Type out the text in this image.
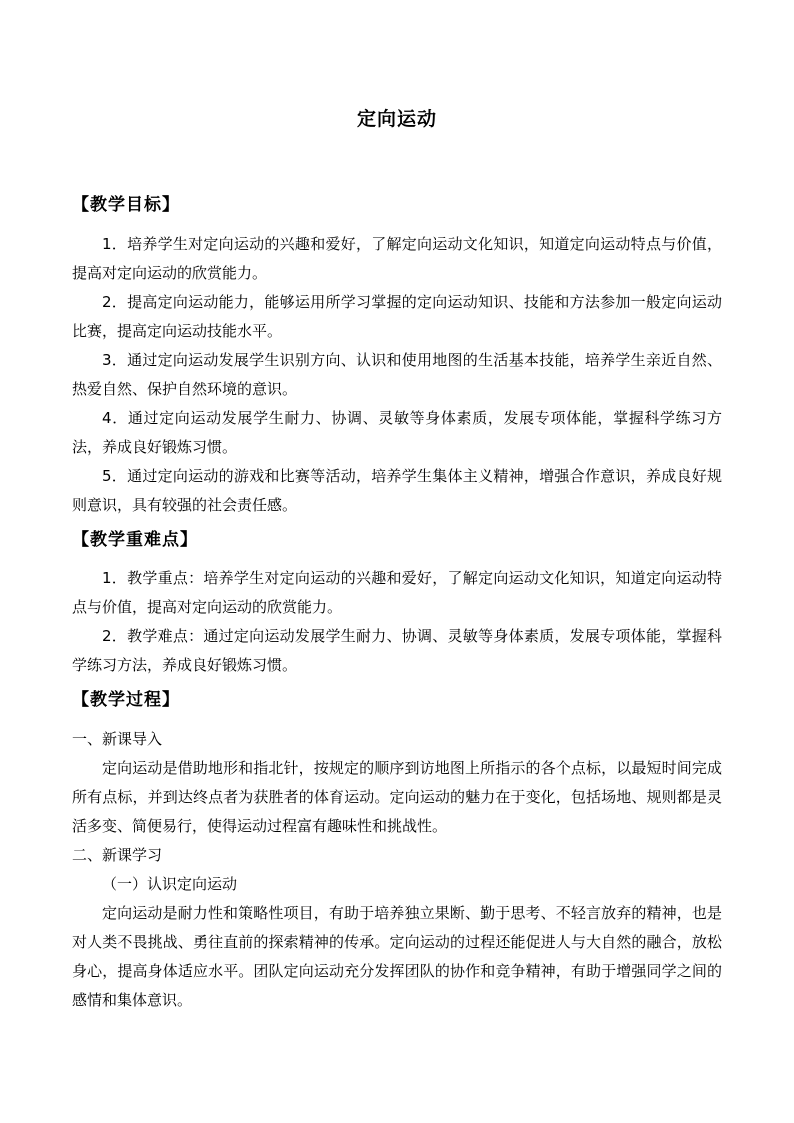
定向运动
【教学目标】

1．培养学生对定向运动的兴趣和爱好，了解定向运动文化知识，知道定向运动特点与价值，提高对定向运动的欣赏能力。

2．提高定向运动能力，能够运用所学习掌握的定向运动知识、技能和方法参加一般定向运动比赛，提高定向运动技能水平。

3．通过定向运动发展学生识别方向、认识和使用地图的生活基本技能，培养学生亲近自然、热爱自然、保护自然环境的意识。

4．通过定向运动发展学生耐力、协调、灵敏等身体素质，发展专项体能，掌握科学练习方法，养成良好锻炼习惯。

5．通过定向运动的游戏和比赛等活动，培养学生集体主义精神，增强合作意识，养成良好规则意识，具有较强的社会责任感。

【教学重难点】

1．教学重点：培养学生对定向运动的兴趣和爱好，了解定向运动文化知识，知道定向运动特点与价值，提高对定向运动的欣赏能力。

2．教学难点：通过定向运动发展学生耐力、协调、灵敏等身体素质，发展专项体能，掌握科学练习方法，养成良好锻炼习惯。

【教学过程】

一、新课导入

定向运动是借助地形和指北针，按规定的顺序到访地图上所指示的各个点标，以最短时间完成所有点标，并到达终点者为获胜者的体育运动。定向运动的魅力在于变化，包括场地、规则都是灵活多变、简便易行，使得运动过程富有趣味性和挑战性。

二、新课学习

（一）认识定向运动

定向运动是耐力性和策略性项目，有助于培养独立果断、勤于思考、不轻言放弃的精神，也是对人类不畏挑战、勇往直前的探索精神的传承。定向运动的过程还能促进人与大自然的融合，放松身心，提高身体适应水平。团队定向运动充分发挥团队的协作和竞争精神，有助于增强同学之间的感情和集体意识。
